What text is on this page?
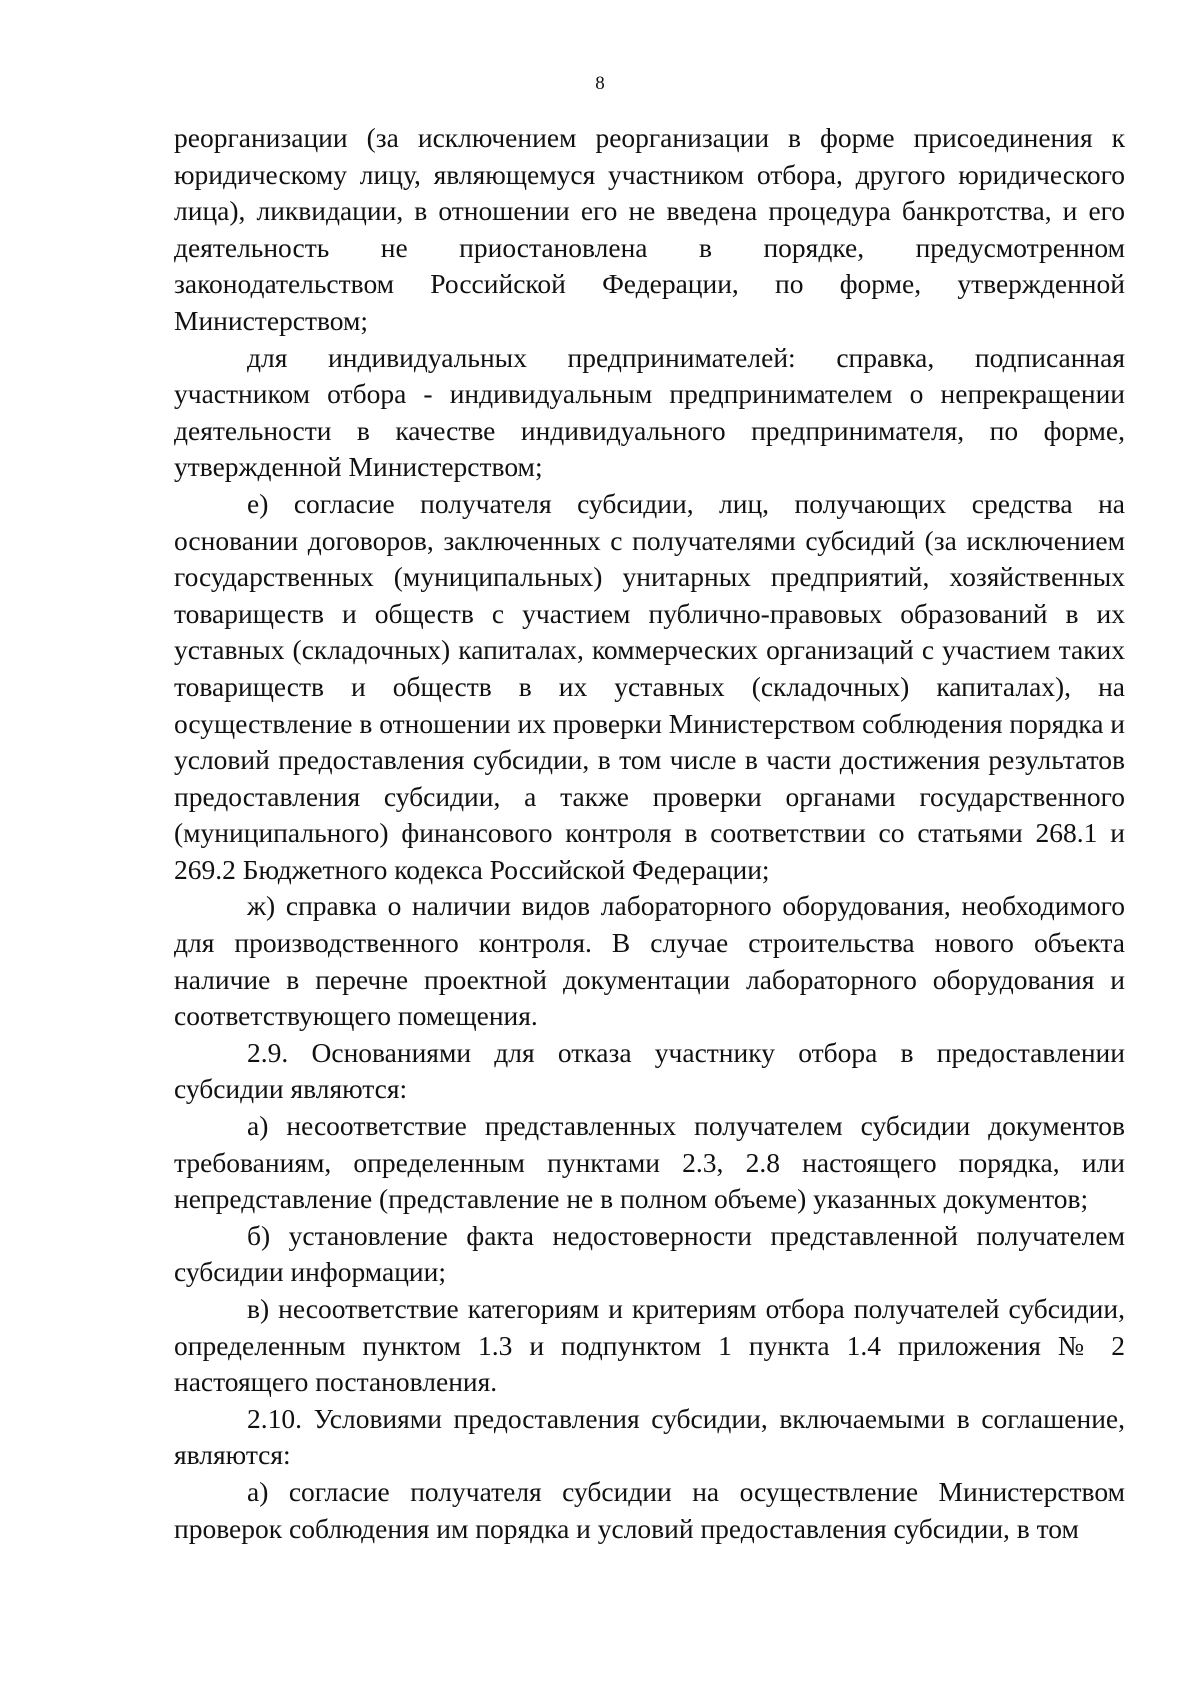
8

реорганизации (за исключением реорганизации в форме присоединения к юридическому лицу, являющемуся участником отбора, другого юридического лица), ликвидации, в отношении его не введена процедура банкротства, и его деятельность не приостановлена в порядке, предусмотренном законодательством Российской Федерации, по форме, утвержденной Министерством;

для индивидуальных предпринимателей: справка, подписанная участником отбора - индивидуальным предпринимателем о непрекращении деятельности в качестве индивидуального предпринимателя, по форме, утвержденной Министерством;

е) согласие получателя субсидии, лиц, получающих средства на основании договоров, заключенных с получателями субсидий (за исключением государственных (муниципальных) унитарных предприятий, хозяйственных товариществ и обществ с участием публично-правовых образований в их уставных (складочных) капиталах, коммерческих организаций с участием таких товариществ и обществ в их уставных (складочных) капиталах), на осуществление в отношении их проверки Министерством соблюдения порядка и условий предоставления субсидии, в том числе в части достижения результатов предоставления субсидии, а также проверки органами государственного (муниципального) финансового контроля в соответствии со статьями 268.1 и 269.2 Бюджетного кодекса Российской Федерации;

ж) справка о наличии видов лабораторного оборудования, необходимого для производственного контроля. В случае строительства нового объекта наличие в перечне проектной документации лабораторного оборудования и соответствующего помещения.

2.9. Основаниями для отказа участнику отбора в предоставлении субсидии являются:

а) несоответствие представленных получателем субсидии документов требованиям, определенным пунктами 2.3, 2.8 настоящего порядка, или непредставление (представление не в полном объеме) указанных документов;

б) установление факта недостоверности представленной получателем субсидии информации;

в) несоответствие категориям и критериям отбора получателей субсидии, определенным пунктом 1.3 и подпунктом 1 пункта 1.4 приложения № 2 настоящего постановления.

2.10. Условиями предоставления субсидии, включаемыми в соглашение, являются:

а) согласие получателя субсидии на осуществление Министерством проверок соблюдения им порядка и условий предоставления субсидии, в том
